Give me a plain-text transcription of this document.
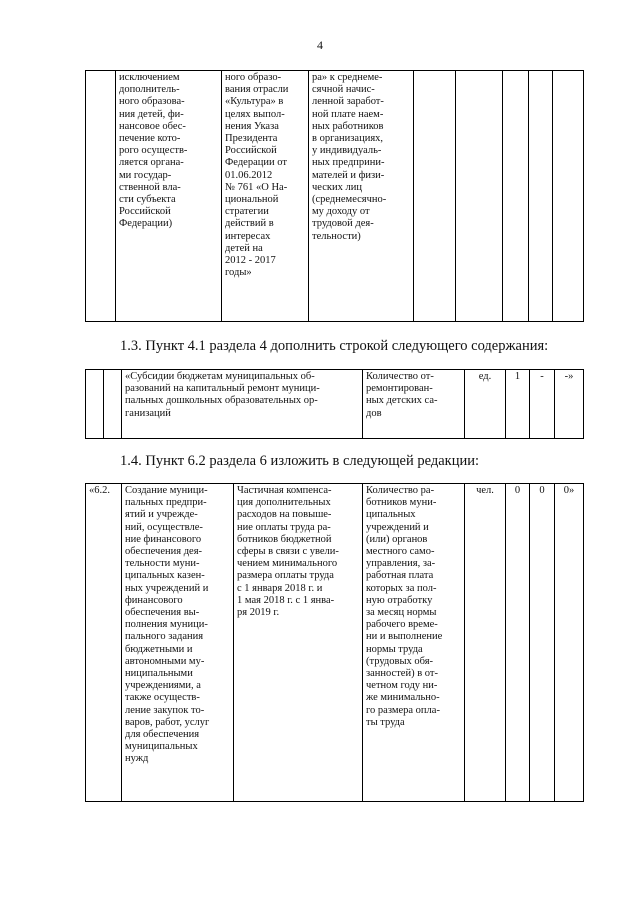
4
	исключением
дополнитель-
ного образова-
ния детей, фи-
нансовое обес-
печение кото-
рого осуществ-
ляется органа-
ми государ-
ственной вла-
сти субъекта
Российской
Федерации)	ного образо-
вания отрасли
«Культура» в
целях выпол-
нения Указа
Президента
Российской
Федерации от
01.06.2012
№ 761 «О На-
циональной
стратегии
действий в
интересах
детей на
2012 - 2017
годы»	ра» к среднеме-
сячной начис-
ленной заработ-
ной плате наем-
ных работников
в организациях,
у индивидуаль-
ных предприни-
мателей и физи-
ческих лиц
(среднемесячно-
му доходу от
трудовой дея-
тельности)					
1.3. Пункт 4.1 раздела 4 дополнить строкой следующего содержания:
		«Субсидии бюджетам муниципальных об-
разований на капитальный ремонт муници-
пальных дошкольных образовательных ор-
ганизаций	Количество от-
ремонтирован-
ных детских са-
дов	ед.	1	-	-»
1.4. Пункт 6.2 раздела 6 изложить в следующей редакции:
«6.2.	Создание муници-
пальных предпри-
ятий и учрежде-
ний, осуществле-
ние финансового
обеспечения дея-
тельности муни-
ципальных казен-
ных учреждений и
финансового
обеспечения вы-
полнения муници-
пального задания
бюджетными и
автономными му-
ниципальными
учреждениями, а
также осуществ-
ление закупок то-
варов, работ, услуг
для обеспечения
муниципальных
нужд	Частичная компенса-
ция дополнительных
расходов на повыше-
ние оплаты труда ра-
ботников бюджетной
сферы в связи с увели-
чением минимального
размера оплаты труда
с 1 января 2018 г. и
1 мая 2018 г. с 1 янва-
ря 2019 г.	Количество ра-
ботников муни-
ципальных
учреждений и
(или) органов
местного само-
управления, за-
работная плата
которых за пол-
ную отработку
за месяц нормы
рабочего време-
ни и выполнение
нормы труда
(трудовых обя-
занностей) в от-
четном году ни-
же минимально-
го размера опла-
ты труда	чел.	0	0	0»
